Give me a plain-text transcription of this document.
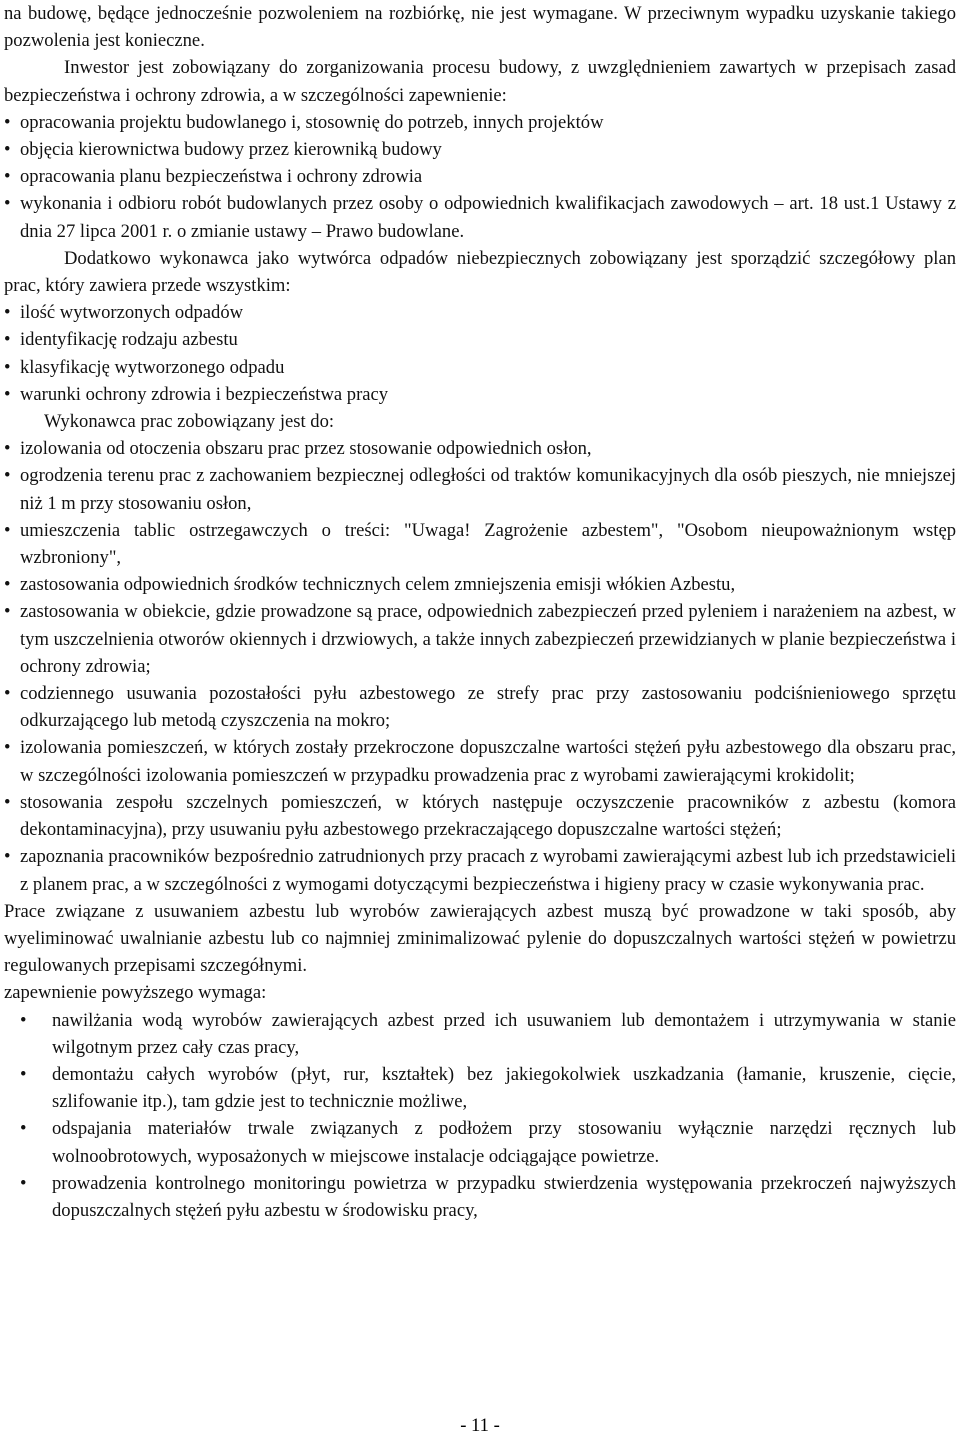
na budowę, będące jednocześnie pozwoleniem na rozbiórkę, nie jest wymagane. W przeciwnym wypadku uzyskanie takiego pozwolenia jest konieczne.

Inwestor jest zobowiązany do zorganizowania procesu budowy, z uwzględnieniem zawartych w przepisach zasad bezpieczeństwa i ochrony zdrowia, a w szczególności zapewnienie:

• opracowania projektu budowlanego i, stosownię do potrzeb, innych projektów
• objęcia kierownictwa budowy przez kierowniką budowy
• opracowania planu bezpieczeństwa i ochrony zdrowia
• wykonania i odbioru robót budowlanych przez osoby o odpowiednich kwalifikacjach zawodowych – art. 18 ust.1 Ustawy z dnia 27 lipca 2001 r. o zmianie ustawy – Prawo budowlane.

Dodatkowo wykonawca jako wytwórca odpadów niebezpiecznych zobowiązany jest sporządzić szczegółowy plan prac, który zawiera przede wszystkim:

• ilość wytworzonych odpadów
• identyfikację rodzaju azbestu
• klasyfikację wytworzonego odpadu
• warunki ochrony zdrowia i bezpieczeństwa pracy

Wykonawca prac zobowiązany jest do:

• izolowania od otoczenia obszaru prac przez stosowanie odpowiednich osłon,
• ogrodzenia terenu prac z zachowaniem bezpiecznej odległości od traktów komunikacyjnych dla osób pieszych, nie mniejszej niż 1 m przy stosowaniu osłon,
• umieszczenia tablic ostrzegawczych o treści: "Uwaga! Zagrożenie azbestem", "Osobom nieupoważnionym wstęp wzbroniony",
• zastosowania odpowiednich środków technicznych celem zmniejszenia emisji włókien Azbestu,
• zastosowania w obiekcie, gdzie prowadzone są prace, odpowiednich zabezpieczeń przed pyleniem i narażeniem na azbest, w tym uszczelnienia otworów okiennych i drzwiowych, a także innych zabezpieczeń przewidzianych w planie bezpieczeństwa i ochrony zdrowia;
• codziennego usuwania pozostałości pyłu azbestowego ze strefy prac przy zastosowaniu podciśnieniowego sprzętu odkurzającego lub metodą czyszczenia na mokro;
• izolowania pomieszczeń, w których zostały przekroczone dopuszczalne wartości stężeń pyłu azbestowego dla obszaru prac, w szczególności izolowania pomieszczeń w przypadku prowadzenia prac z wyrobami zawierającymi krokidolit;
• stosowania zespołu szczelnych pomieszczeń, w których następuje oczyszczenie pracowników z azbestu (komora dekontaminacyjna), przy usuwaniu pyłu azbestowego przekraczającego dopuszczalne wartości stężeń;
• zapoznania pracowników bezpośrednio zatrudnionych przy pracach z wyrobami zawierającymi azbest lub ich przedstawicieli z planem prac, a w szczególności z wymogami dotyczącymi bezpieczeństwa i higieny pracy w czasie wykonywania prac.

Prace związane z usuwaniem azbestu lub wyrobów zawierających azbest muszą być prowadzone w taki sposób, aby wyeliminować uwalnianie azbestu lub co najmniej zminimalizować pylenie do dopuszczalnych wartości stężeń w powietrzu regulowanych przepisami szczegółnymi.

zapewnienie powyższego wymaga:

• nawilżania wodą wyrobów zawierających azbest przed ich usuwaniem lub demontażem i utrzymywania w stanie wilgotnym przez cały czas pracy,
• demontażu całych wyrobów (płyt, rur, kształtek) bez jakiegokolwiek uszkadzania (łamanie, kruszenie, cięcie, szlifowanie itp.), tam gdzie jest to technicznie możliwe,
• odspajania materiałów trwale związanych z podłożem przy stosowaniu wyłącznie narzędzi ręcznych lub wolnoobrotowych, wyposażonych w miejscowe instalacje odciągające powietrze.
• prowadzenia kontrolnego monitoringu powietrza w przypadku stwierdzenia występowania przekroczeń najwyższych dopuszczalnych stężeń pyłu azbestu w środowisku pracy,
- 11 -
